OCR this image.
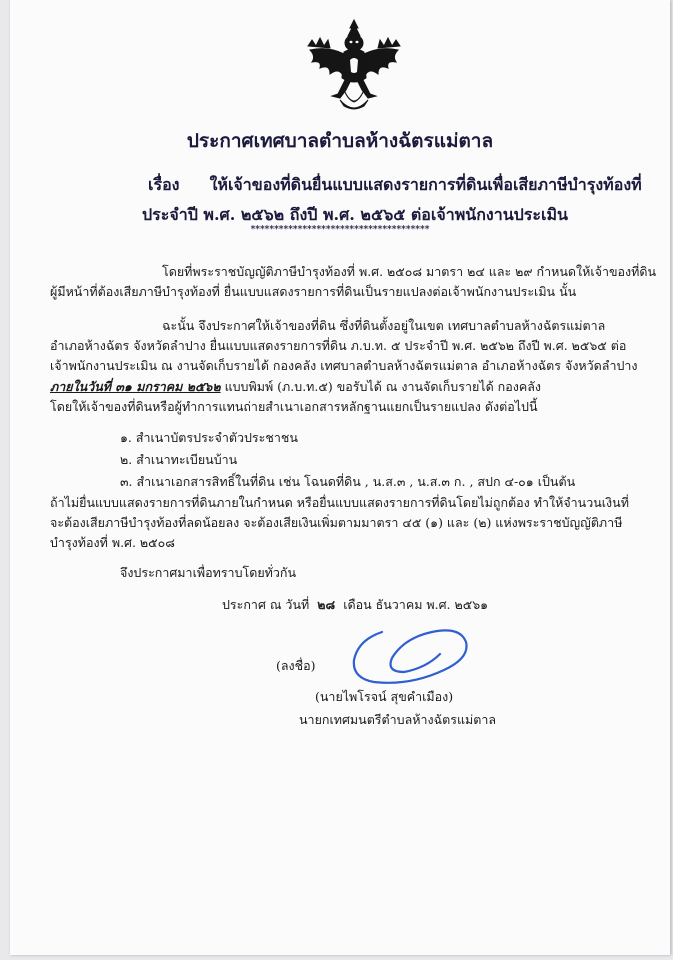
ประกาศเทศบาลตำบลห้างฉัตรแม่ตาล
เรื่อง ให้เจ้าของที่ดินยื่นแบบแสดงรายการที่ดินเพื่อเสียภาษีบำรุงท้องที่
ประจำปี พ.ศ. ๒๕๖๒ ถึงปี พ.ศ. ๒๕๖๕ ต่อเจ้าพนักงานประเมิน
**************************************
โดยที่พระราชบัญญัติภาษีบำรุงท้องที่ พ.ศ. ๒๕๐๘ มาตรา ๒๔ และ ๒๙ กำหนดให้เจ้าของที่ดิน
ผู้มีหน้าที่ต้องเสียภาษีบำรุงท้องที่ ยื่นแบบแสดงรายการที่ดินเป็นรายแปลงต่อเจ้าพนักงานประเมิน นั้น
ฉะนั้น จึงประกาศให้เจ้าของที่ดิน ซึ่งที่ดินตั้งอยู่ในเขต เทศบาลตำบลห้างฉัตรแม่ตาล
อำเภอห้างฉัตร จังหวัดลำปาง ยื่นแบบแสดงรายการที่ดิน ภ.บ.ท. ๕ ประจำปี พ.ศ. ๒๕๖๒ ถึงปี พ.ศ. ๒๕๖๕ ต่อ
เจ้าพนักงานประเมิน ณ งานจัดเก็บรายได้ กองคลัง เทศบาลตำบลห้างฉัตรแม่ตาล อำเภอห้างฉัตร จังหวัดลำปาง
ภายในวันที่ ๓๑ มกราคม ๒๕๖๒ แบบพิมพ์ (ภ.บ.ท.๕) ขอรับได้ ณ งานจัดเก็บรายได้ กองคลัง
โดยให้เจ้าของที่ดินหรือผู้ทำการแทนถ่ายสำเนาเอกสารหลักฐานแยกเป็นรายแปลง ดังต่อไปนี้
๑. สำเนาบัตรประจำตัวประชาชน
๒. สำเนาทะเบียนบ้าน
๓. สำเนาเอกสารสิทธิ์ในที่ดิน เช่น โฉนดที่ดิน , น.ส.๓ , น.ส.๓ ก. , สปก ๔-๐๑ เป็นต้น
ถ้าไม่ยื่นแบบแสดงรายการที่ดินภายในกำหนด หรือยื่นแบบแสดงรายการที่ดินโดยไม่ถูกต้อง ทำให้จำนวนเงินที่
จะต้องเสียภาษีบำรุงท้องที่ลดน้อยลง จะต้องเสียเงินเพิ่มตามมาตรา ๔๕ (๑) และ (๒) แห่งพระราชบัญญัติภาษี
บำรุงท้องที่ พ.ศ. ๒๕๐๘
จึงประกาศมาเพื่อทราบโดยทั่วกัน
ประกาศ ณ วันที่ ๒๘ เดือน ธันวาคม พ.ศ. ๒๕๖๑
(ลงชื่อ)
(นายไพโรจน์ สุขคำเมือง)
นายกเทศมนตรีตำบลห้างฉัตรแม่ตาล
